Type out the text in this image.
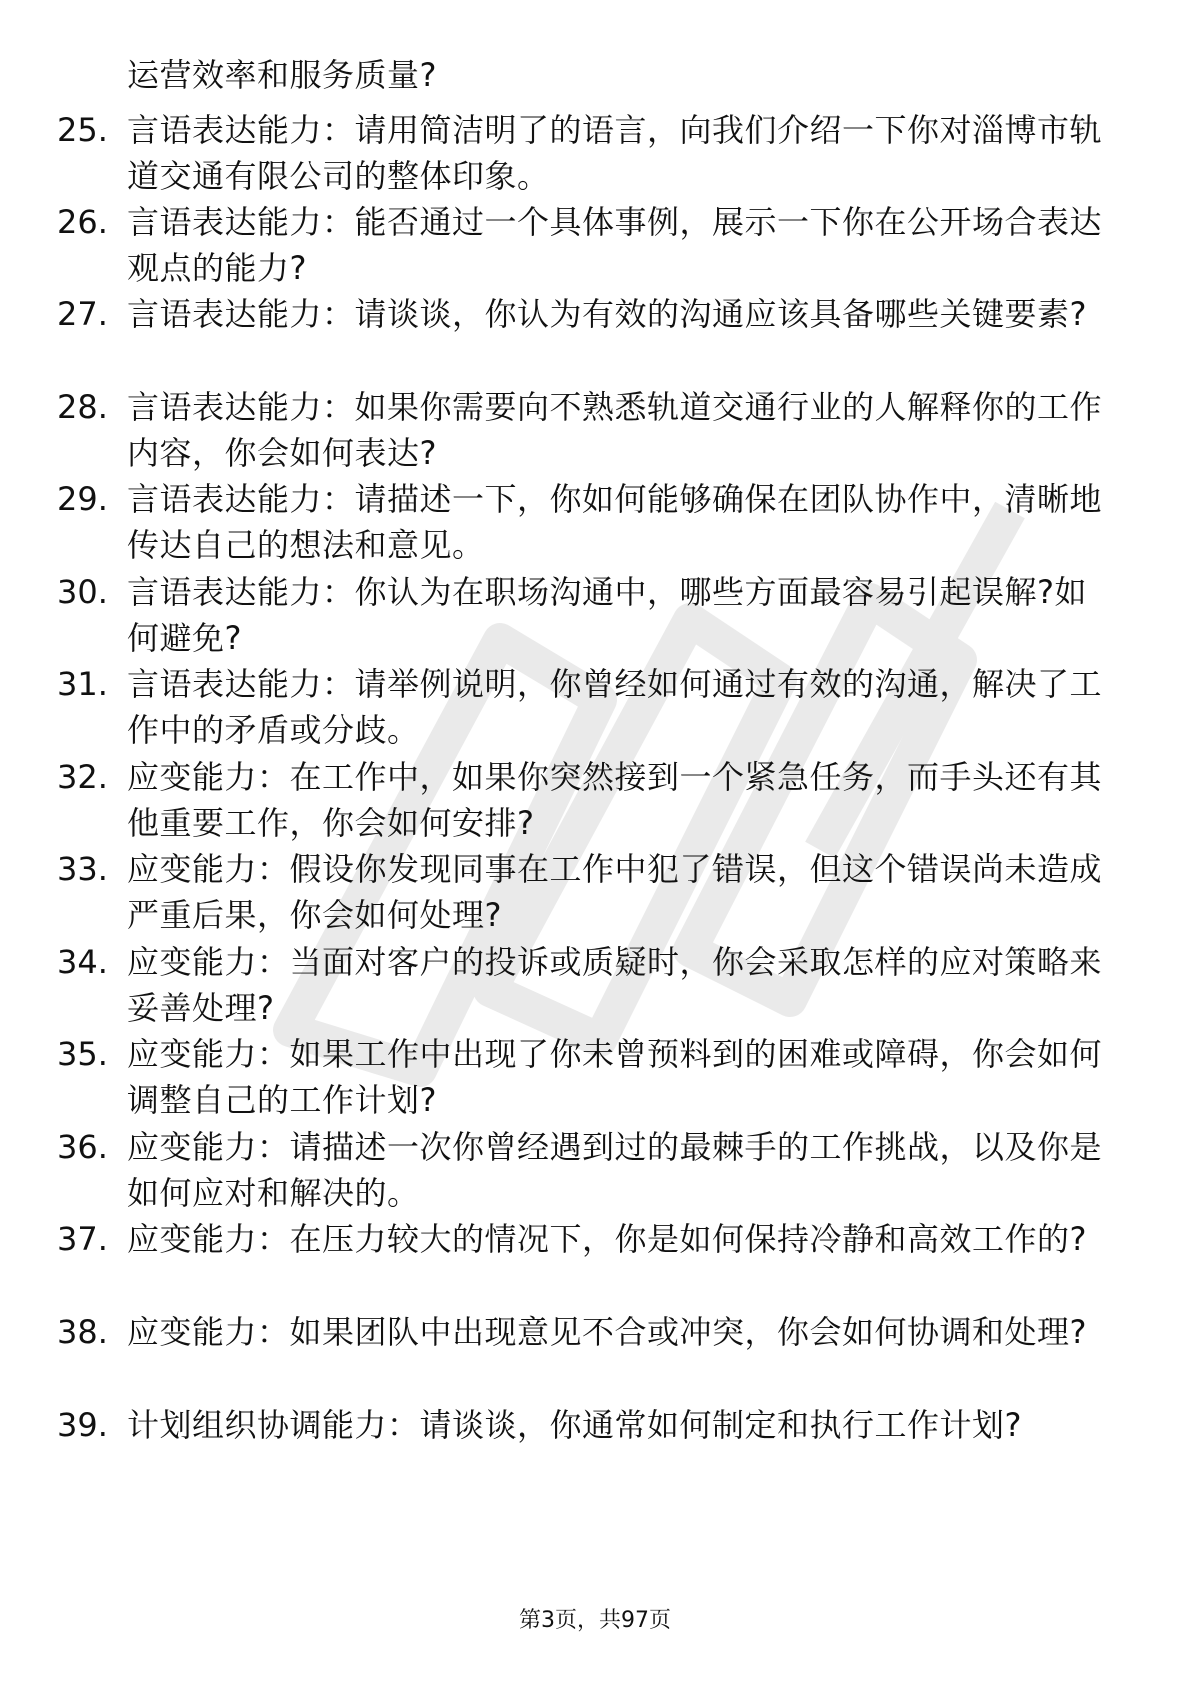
运营效率和服务质量?
25. 言语表达能力：请用简洁明了的语言，向我们介绍一下你对淄博市轨道交通有限公司的整体印象。
26. 言语表达能力：能否通过一个具体事例，展示一下你在公开场合表达观点的能力?
27. 言语表达能力：请谈谈，你认为有效的沟通应该具备哪些关键要素?
28. 言语表达能力：如果你需要向不熟悉轨道交通行业的人解释你的工作内容，你会如何表达?
29. 言语表达能力：请描述一下，你如何能够确保在团队协作中，清晰地传达自己的想法和意见。
30. 言语表达能力：你认为在职场沟通中，哪些方面最容易引起误解?如何避免?
31. 言语表达能力：请举例说明，你曾经如何通过有效的沟通，解决了工作中的矛盾或分歧。
32. 应变能力：在工作中，如果你突然接到一个紧急任务，而手头还有其他重要工作，你会如何安排?
33. 应变能力：假设你发现同事在工作中犯了错误，但这个错误尚未造成严重后果，你会如何处理?
34. 应变能力：当面对客户的投诉或质疑时，你会采取怎样的应对策略来妥善处理?
35. 应变能力：如果工作中出现了你未曾预料到的困难或障碍，你会如何调整自己的工作计划?
36. 应变能力：请描述一次你曾经遇到过的最棘手的工作挑战，以及你是如何应对和解决的。
37. 应变能力：在压力较大的情况下，你是如何保持冷静和高效工作的?
38. 应变能力：如果团队中出现意见不合或冲突，你会如何协调和处理?
39. 计划组织协调能力：请谈谈，你通常如何制定和执行工作计划?
第3页，共97页
